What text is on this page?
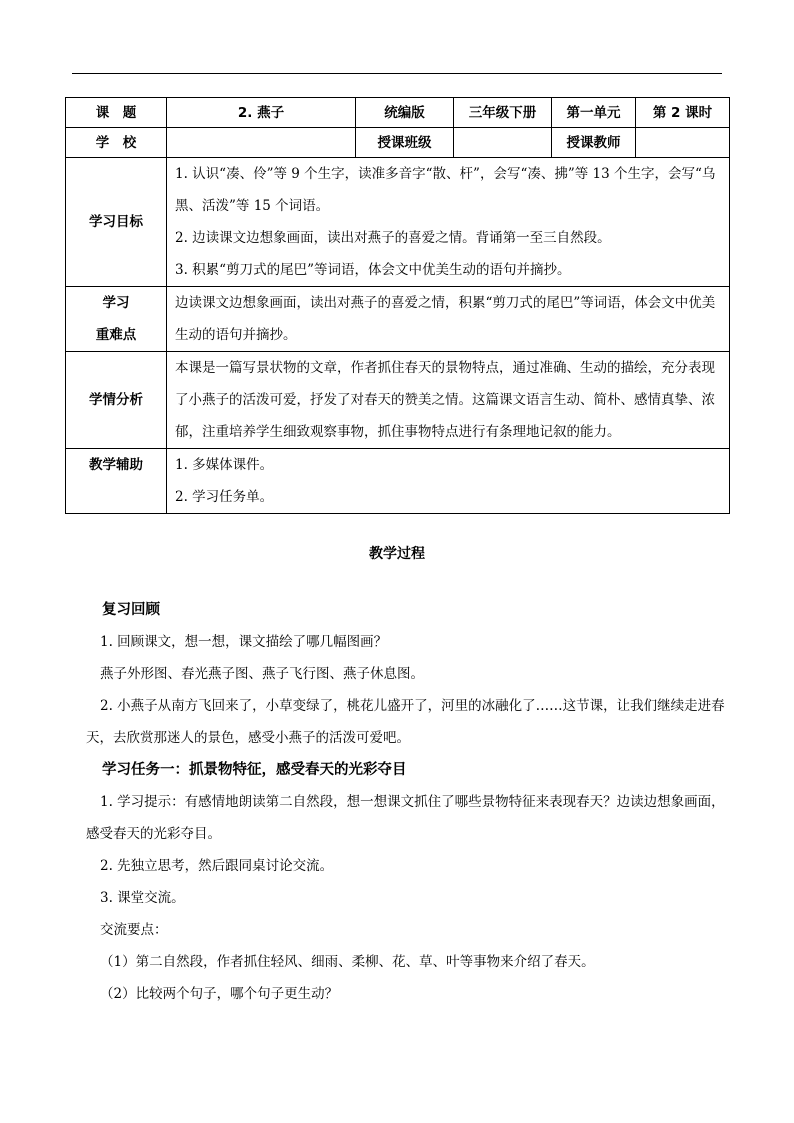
课　题	2. 燕子	统编版	三年级下册	第一单元	第 2 课时
学　校		授课班级		授课教师	
学习目标	1. 认识“凑、伶”等 9 个生字，读准多音字“散、杆”，会写“凑、拂”等 13 个生字，会写“乌黑、活泼”等 15 个词语。

2. 边读课文边想象画面，读出对燕子的喜爱之情。背诵第一至三自然段。

3. 积累“剪刀式的尾巴”等词语，体会文中优美生动的语句并摘抄。				

学习
重难点	边读课文边想象画面，读出对燕子的喜爱之情，积累“剪刀式的尾巴”等词语，体会文中优美生动的语句并摘抄。				

学情分析	本课是一篇写景状物的文章，作者抓住春天的景物特点，通过准确、生动的描绘，充分表现了小燕子的活泼可爱，抒发了对春天的赞美之情。这篇课文语言生动、简朴、感情真挚、浓郁，注重培养学生细致观察事物，抓住事物特点进行有条理地记叙的能力。				

教学辅助	1. 多媒体课件。

2. 学习任务单。				

教学过程

复习回顾

1. 回顾课文，想一想，课文描绘了哪几幅图画？

燕子外形图、春光燕子图、燕子飞行图、燕子休息图。

2. 小燕子从南方飞回来了，小草变绿了，桃花儿盛开了，河里的冰融化了……这节课，让我们继续走进春天，去欣赏那迷人的景色，感受小燕子的活泼可爱吧。

学习任务一：抓景物特征，感受春天的光彩夺目

1. 学习提示：有感情地朗读第二自然段，想一想课文抓住了哪些景物特征来表现春天？边读边想象画面，感受春天的光彩夺目。

2. 先独立思考，然后跟同桌讨论交流。

3. 课堂交流。

交流要点：

（1）第二自然段，作者抓住轻风、细雨、柔柳、花、草、叶等事物来介绍了春天。

（2）比较两个句子，哪个句子更生动？
